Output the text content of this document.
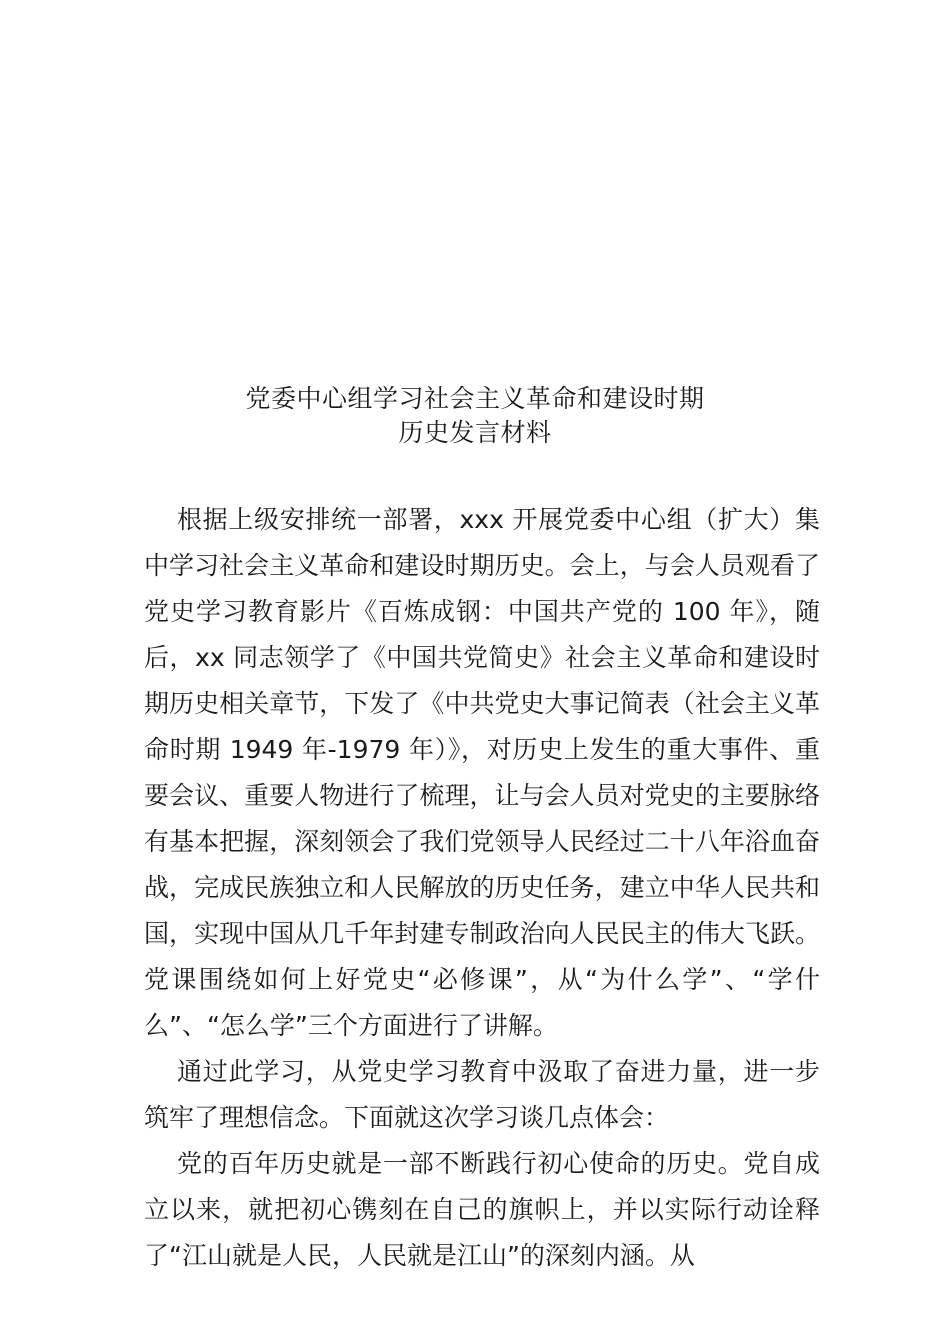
党委中心组学习社会主义革命和建设时期
历史发言材料

根据上级安排统一部署，xxx 开展党委中心组（扩大）集中学习社会主义革命和建设时期历史。会上，与会人员观看了党史学习教育影片《百炼成钢：中国共产党的 100 年》，随后，xx 同志领学了《中国共党简史》社会主义革命和建设时期历史相关章节，下发了《中共党史大事记简表（社会主义革命时期 1949 年-1979 年）》，对历史上发生的重大事件、重要会议、重要人物进行了梳理，让与会人员对党史的主要脉络有基本把握，深刻领会了我们党领导人民经过二十八年浴血奋战，完成民族独立和人民解放的历史任务，建立中华人民共和国，实现中国从几千年封建专制政治向人民民主的伟大飞跃。党课围绕如何上好党史“必修课”，从“为什么学”、“学什么”、“怎么学”三个方面进行了讲解。

通过此学习，从党史学习教育中汲取了奋进力量，进一步筑牢了理想信念。下面就这次学习谈几点体会：

党的百年历史就是一部不断践行初心使命的历史。党自成立以来，就把初心镌刻在自己的旗帜上，并以实际行动诠释了“江山就是人民，人民就是江山”的深刻内涵。从
